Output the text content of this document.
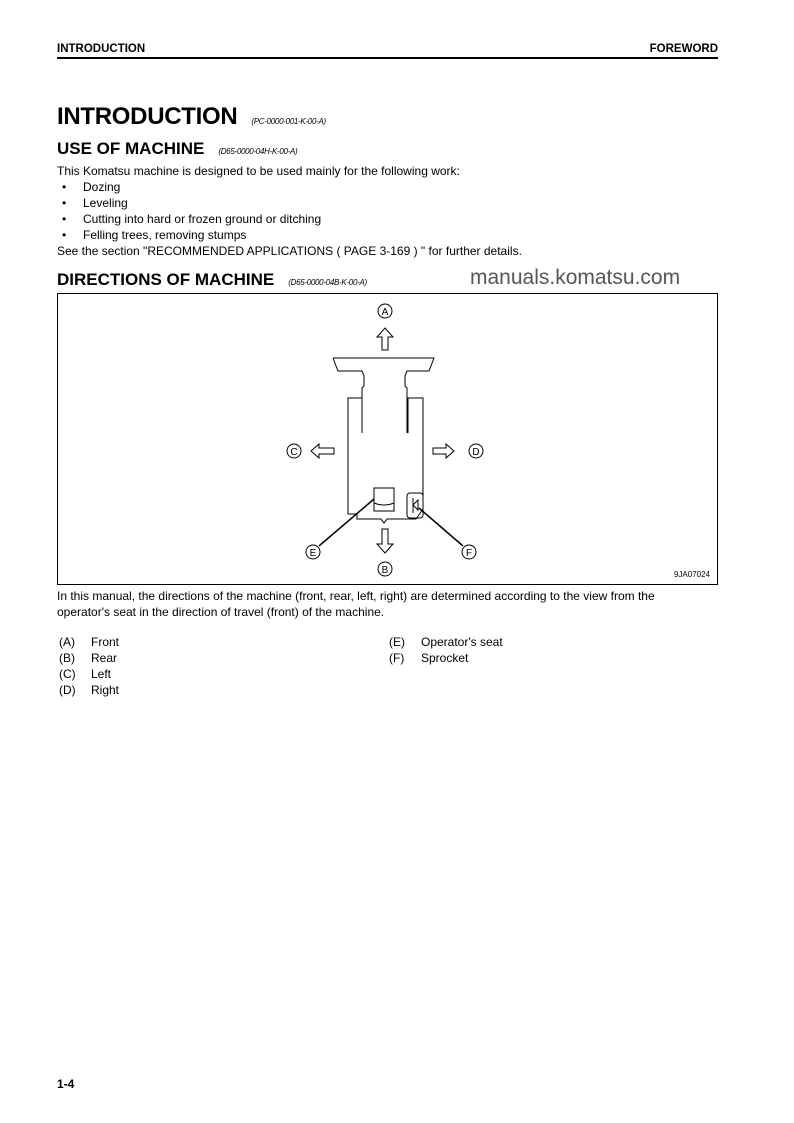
INTRODUCTION	FOREWORD
INTRODUCTION (PC-0000-001-K-00-A)
USE OF MACHINE (D65-0000-04H-K-00-A)
This Komatsu machine is designed to be used mainly for the following work:
• Dozing
• Leveling
• Cutting into hard or frozen ground or ditching
• Felling trees, removing stumps
See the section "RECOMMENDED APPLICATIONS ( PAGE 3-169 ) " for further details.
DIRECTIONS OF MACHINE (D65-0000-04B-K-00-A)	manuals.komatsu.com
A
C	D
B
E	F
9JA07024
In this manual, the directions of the machine (front, rear, left, right) are determined according to the view from the
operator's seat in the direction of travel (front) of the machine.
(A) Front
(B) Rear
(C) Left
(D) Right
(E) Operator's seat
(F) Sprocket
1-4
